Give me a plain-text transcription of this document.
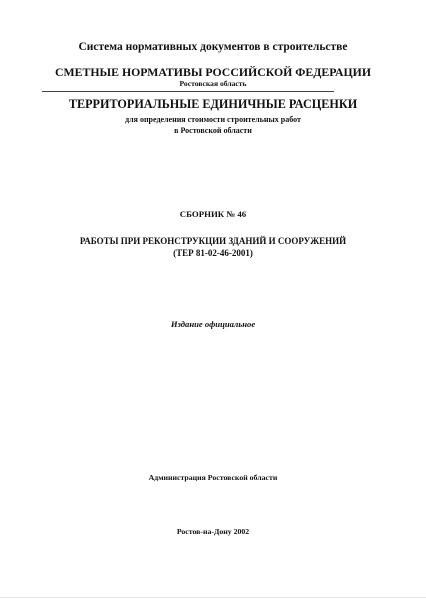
Система нормативных документов в строительстве
СМЕТНЫЕ НОРМАТИВЫ РОССИЙСКОЙ ФЕДЕРАЦИИ
Ростовская область
ТЕРРИТОРИАЛЬНЫЕ ЕДИНИЧНЫЕ РАСЦЕНКИ
для определения стоимости строительных работ
в Ростовской области
СБОРНИК № 46
РАБОТЫ ПРИ РЕКОНСТРУКЦИИ ЗДАНИЙ И СООРУЖЕНИЙ
(ТЕР 81-02-46-2001)
Издание официальное
Администрация Ростовской области
Ростов-на-Дону 2002
